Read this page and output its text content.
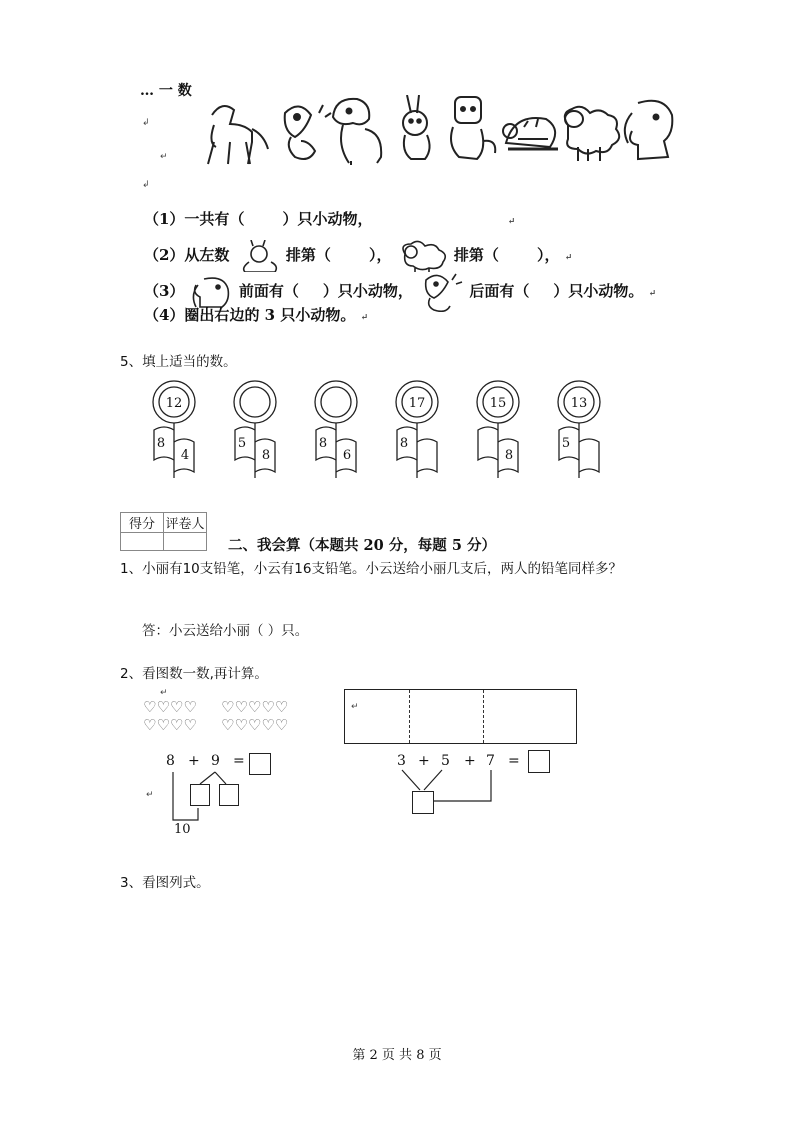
… 一 数
↲
↵
↲
（1）一共有（	）只小动物，	↵
（2）从左数	排第（	），	排第（	）， ↵
（3）	前面有（ ）只小动物，	后面有（ ）只小动物。 ↵
（4）圈出右边的 3 只小动物。 ↵
5、填上适当的数。
12
8
4
5
8
8
6
17
8
15
8
13
5
得分	评卷人

二、我会算（本题共 20 分，每题 5 分）
1、小丽有10支铅笔，小云有16支铅笔。小云送给小丽几支后，两人的铅笔同样多？
答：小云送给小丽（ ）只。
2、看图数一数,再计算。
↵
♡♡♡♡
♡♡♡♡
♡♡♡♡♡
♡♡♡♡♡
8 + 9 =
↵
10
↵
3 + 5 + 7 =
3、看图列式。
第 2 页 共 8 页
